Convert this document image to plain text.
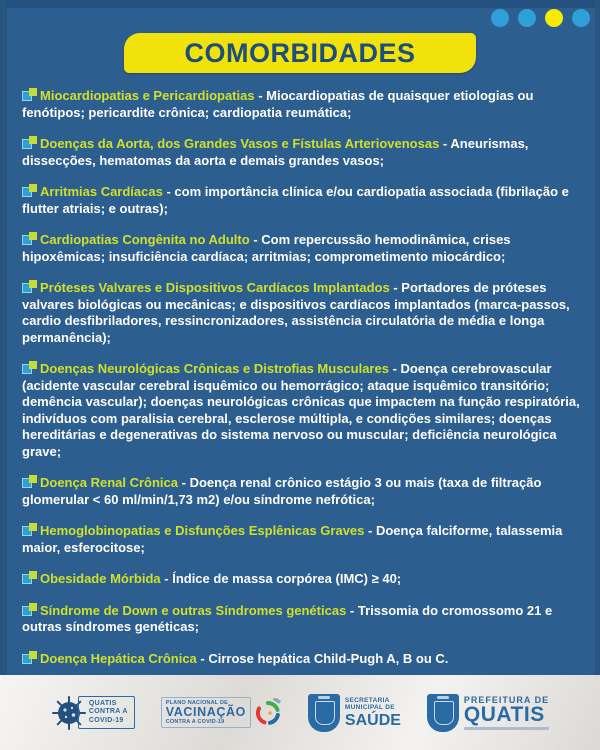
COMORBIDADES

Miocardiopatias e Pericardiopatias - Miocardiopatias de quaisquer etiologias ou fenótipos; pericardite crônica; cardiopatia reumática;

Doenças da Aorta, dos Grandes Vasos e Fístulas Arteriovenosas - Aneurismas, dissecções, hematomas da aorta e demais grandes vasos;

Arritmias Cardíacas - com importância clínica e/ou cardiopatia associada (fibrilação e flutter atriais; e outras);

Cardiopatias Congênita no Adulto - Com repercussão hemodinâmica, crises hipoxêmicas; insuficiência cardíaca; arritmias; comprometimento miocárdico;

Próteses Valvares e Dispositivos Cardíacos Implantados - Portadores de próteses valvares biológicas ou mecânicas; e dispositivos cardíacos implantados (marca-passos, cardio desfibriladores, ressincronizadores, assistência circulatória de média e longa permanência);

Doenças Neurológicas Crônicas e Distrofias Musculares - Doença cerebrovascular (acidente vascular cerebral isquêmico ou hemorrágico; ataque isquêmico transitório; demência vascular); doenças neurológicas crônicas que impactem na função respiratória, indivíduos com paralisia cerebral, esclerose múltipla, e condições similares; doenças hereditárias e degenerativas do sistema nervoso ou muscular; deficiência neurológica grave;

Doença Renal Crônica - Doença renal crônico estágio 3 ou mais (taxa de filtração glomerular < 60 ml/min/1,73 m2) e/ou síndrome nefrótica;

Hemoglobinopatias e Disfunções Esplênicas Graves - Doença falciforme, talassemia maior, esferocitose;

Obesidade Mórbida - Índice de massa corpórea (IMC) ≥ 40;

Síndrome de Down e outras Síndromes genéticas - Trissomia do cromossomo 21 e outras síndromes genéticas;

Doença Hepática Crônica - Cirrose hepática Child-Pugh A, B ou C.

QUATIS
CONTRA A
COVID-19
PLANO NACIONAL DE
VACINAÇÃO
CONTRA A COVID-19
SECRETARIA
MUNICIPAL DE
SAÚDE
PREFEITURA DE
QUATIS
